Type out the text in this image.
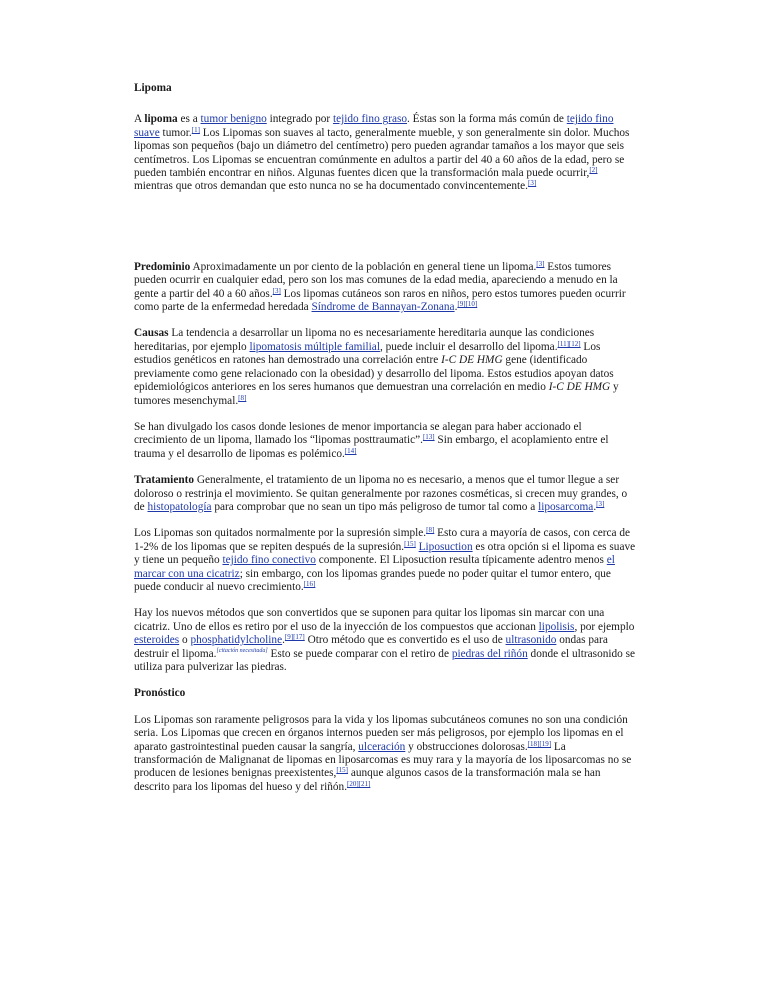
Lipoma

A lipoma es a tumor benigno integrado por tejido fino graso. Éstas son la forma más común de tejido fino suave tumor.[1] Los Lipomas son suaves al tacto, generalmente mueble, y son generalmente sin dolor. Muchos lipomas son pequeños (bajo un diámetro del centímetro) pero pueden agrandar tamaños a los mayor que seis centímetros. Los Lipomas se encuentran comúnmente en adultos a partir del 40 a 60 años de la edad, pero se pueden también encontrar en niños. Algunas fuentes dicen que la transformación mala puede ocurrir,[2] mientras que otros demandan que esto nunca no se ha documentado convincentemente.[3]

Predominio Aproximadamente un por ciento de la población en general tiene un lipoma.[3] Estos tumores pueden ocurrir en cualquier edad, pero son los mas comunes de la edad media, apareciendo a menudo en la gente a partir del 40 a 60 años.[3] Los lipomas cutáneos son raros en niños, pero estos tumores pueden ocurrir como parte de la enfermedad heredada Síndrome de Bannayan-Zonana.[9][10]

Causas La tendencia a desarrollar un lipoma no es necesariamente hereditaria aunque las condiciones hereditarias, por ejemplo lipomatosis múltiple familial, puede incluir el desarrollo del lipoma.[11][12] Los estudios genéticos en ratones han demostrado una correlación entre I-C DE HMG gene (identificado previamente como gene relacionado con la obesidad) y desarrollo del lipoma. Estos estudios apoyan datos epidemiológicos anteriores en los seres humanos que demuestran una correlación en medio I-C DE HMG y tumores mesenchymal.[8]

Se han divulgado los casos donde lesiones de menor importancia se alegan para haber accionado el crecimiento de un lipoma, llamado los “lipomas posttraumatic”.[13] Sin embargo, el acoplamiento entre el trauma y el desarrollo de lipomas es polémico.[14]

Tratamiento Generalmente, el tratamiento de un lipoma no es necesario, a menos que el tumor llegue a ser doloroso o restrinja el movimiento. Se quitan generalmente por razones cosméticas, si crecen muy grandes, o de histopatología para comprobar que no sean un tipo más peligroso de tumor tal como a liposarcoma.[3]

Los Lipomas son quitados normalmente por la supresión simple.[8] Esto cura a mayoría de casos, con cerca de 1-2% de los lipomas que se repiten después de la supresión.[15] Liposuction es otra opción si el lipoma es suave y tiene un pequeño tejido fino conectivo componente. El Liposuction resulta típicamente adentro menos el marcar con una cicatriz; sin embargo, con los lipomas grandes puede no poder quitar el tumor entero, que puede conducir al nuevo crecimiento.[16]

Hay los nuevos métodos que son convertidos que se suponen para quitar los lipomas sin marcar con una cicatriz. Uno de ellos es retiro por el uso de la inyección de los compuestos que accionan lipolisis, por ejemplo esteroides o phosphatidylcholine.[9][17] Otro método que es convertido es el uso de ultrasonido ondas para destruir el lipoma.[citación necesitada] Esto se puede comparar con el retiro de piedras del riñón donde el ultrasonido se utiliza para pulverizar las piedras.

Pronóstico

Los Lipomas son raramente peligrosos para la vida y los lipomas subcutáneos comunes no son una condición seria. Los Lipomas que crecen en órganos internos pueden ser más peligrosos, por ejemplo los lipomas en el aparato gastrointestinal pueden causar la sangría, ulceración y obstrucciones dolorosas.[18][19] La transformación de Malignanat de lipomas en liposarcomas es muy rara y la mayoría de los liposarcomas no se producen de lesiones benignas preexistentes,[15] aunque algunos casos de la transformación mala se han descrito para los lipomas del hueso y del riñón.[20][21]
